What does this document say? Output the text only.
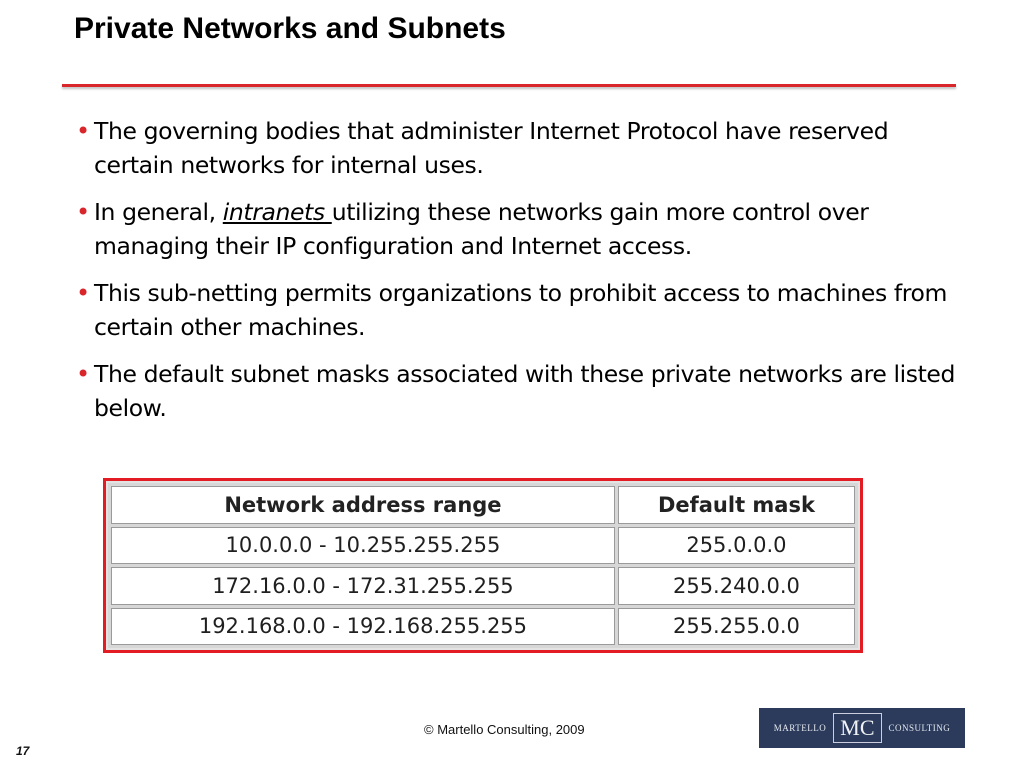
Private Networks and Subnets
• The governing bodies that administer Internet Protocol have reserved certain networks for internal uses.
• In general, intranets utilizing these networks gain more control over managing their IP configuration and Internet access.
• This sub-netting permits organizations to prohibit access to machines from certain other machines.
• The default subnet masks associated with these private networks are listed below.
Network address range	Default mask
10.0.0.0 - 10.255.255.255	255.0.0.0
172.16.0.0 - 172.31.255.255	255.240.0.0
192.168.0.0 - 192.168.255.255	255.255.0.0
© Martello Consulting, 2009
17
MARTELLO MC	CONSULTING
